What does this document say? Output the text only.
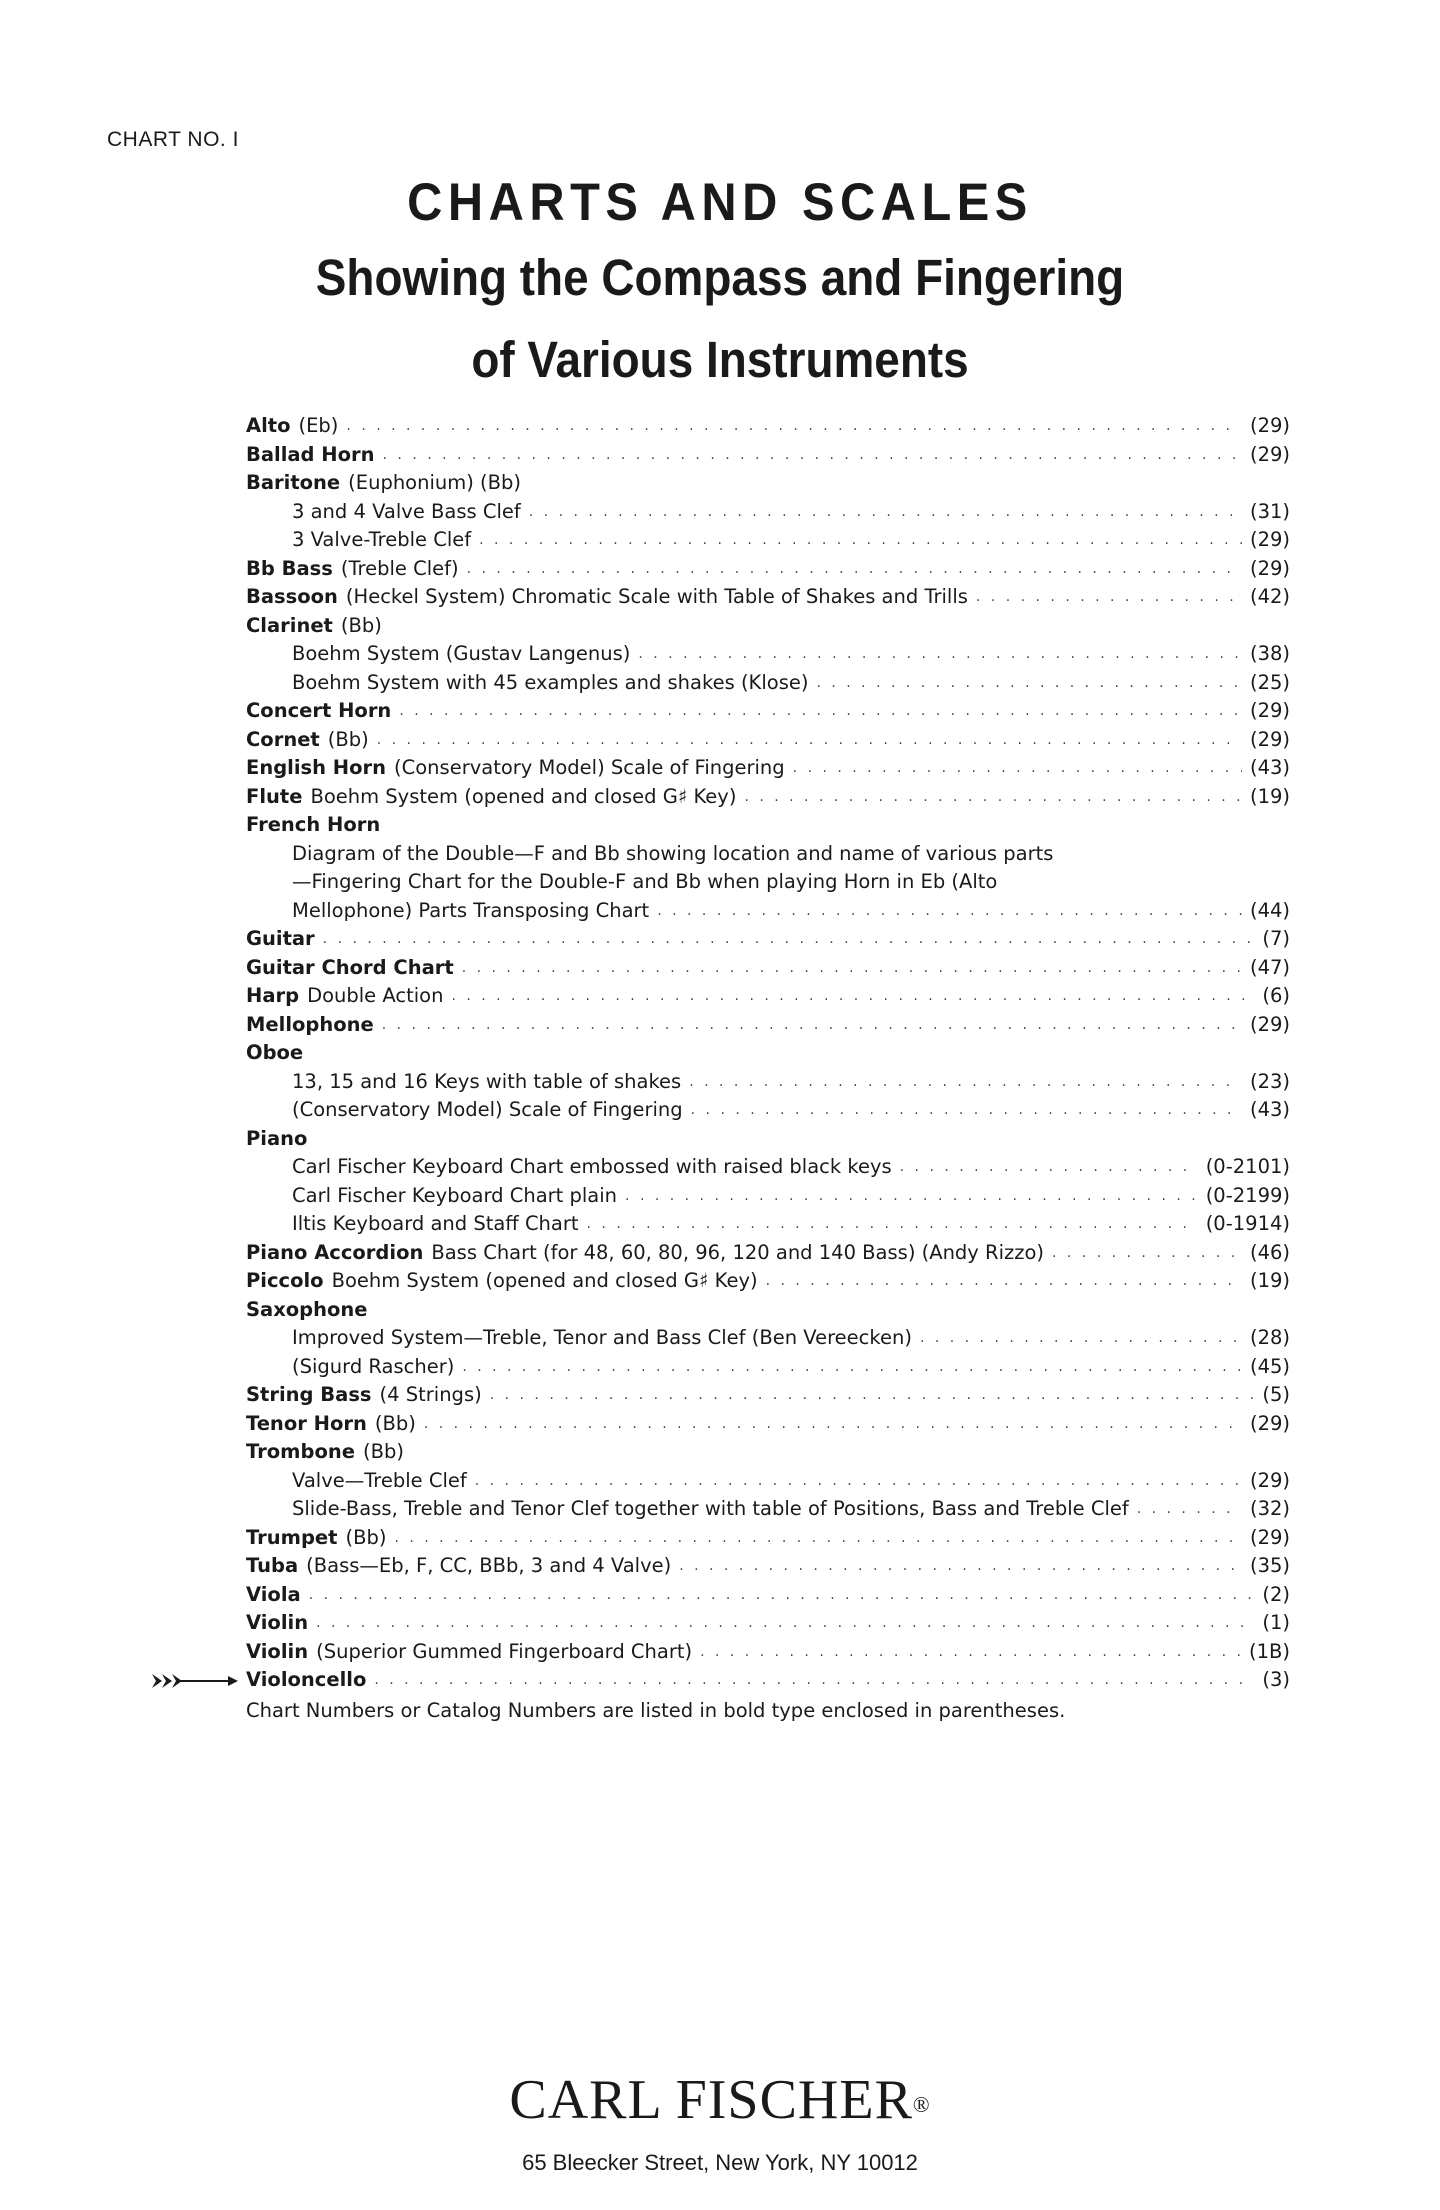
CHART NO. I
CHARTS AND SCALES
Showing the Compass and Fingering
of Various Instruments
Alto (Eb) . . .	(29)
Ballad Horn . . .	(29)
Baritone (Euphonium) (Bb)
3 and 4 Valve Bass Clef . . .	(31)
3 Valve-Treble Clef . . .	(29)
Bb Bass (Treble Clef) . . .	(29)
Bassoon (Heckel System) Chromatic Scale with Table of Shakes and Trills . . .	(42)
Clarinet (Bb)
Boehm System (Gustav Langenus) . . .	(38)
Boehm System with 45 examples and shakes (Klose) . . .	(25)
Concert Horn . . .	(29)
Cornet (Bb) . . .	(29)
English Horn (Conservatory Model) Scale of Fingering . . .	(43)
Flute Boehm System (opened and closed G♯ Key) . . .	(19)
French Horn
Diagram of the Double—F and Bb showing location and name of various parts
—Fingering Chart for the Double-F and Bb when playing Horn in Eb (Alto
Mellophone) Parts Transposing Chart . . .	(44)
Guitar . . .	(7)
Guitar Chord Chart . . .	(47)
Harp Double Action . . .	(6)
Mellophone . . .	(29)
Oboe
13, 15 and 16 Keys with table of shakes . . .	(23)
(Conservatory Model) Scale of Fingering . . .	(43)
Piano
Carl Fischer Keyboard Chart embossed with raised black keys . . .	(0-2101)
Carl Fischer Keyboard Chart plain . . .	(0-2199)
Iltis Keyboard and Staff Chart . . .	(0-1914)
Piano Accordion Bass Chart (for 48, 60, 80, 96, 120 and 140 Bass) (Andy Rizzo) . . .	(46)
Piccolo Boehm System (opened and closed G♯ Key) . . .	(19)
Saxophone
Improved System—Treble, Tenor and Bass Clef (Ben Vereecken) . . .	(28)
(Sigurd Rascher) . . .	(45)
String Bass (4 Strings) . . .	(5)
Tenor Horn (Bb) . . .	(29)
Trombone (Bb)
Valve—Treble Clef . . .	(29)
Slide-Bass, Treble and Tenor Clef together with table of Positions, Bass and Treble Clef . . .	(32)
Trumpet (Bb) . . .	(29)
Tuba (Bass—Eb, F, CC, BBb, 3 and 4 Valve) . . .	(35)
Viola . . .	(2)
Violin . . .	(1)
Violin (Superior Gummed Fingerboard Chart) . . .	(1B)
Violoncello . . .	(3)
Chart Numbers or Catalog Numbers are listed in bold type enclosed in parentheses.
CARL FISCHER®
65 Bleecker Street, New York, NY 10012
